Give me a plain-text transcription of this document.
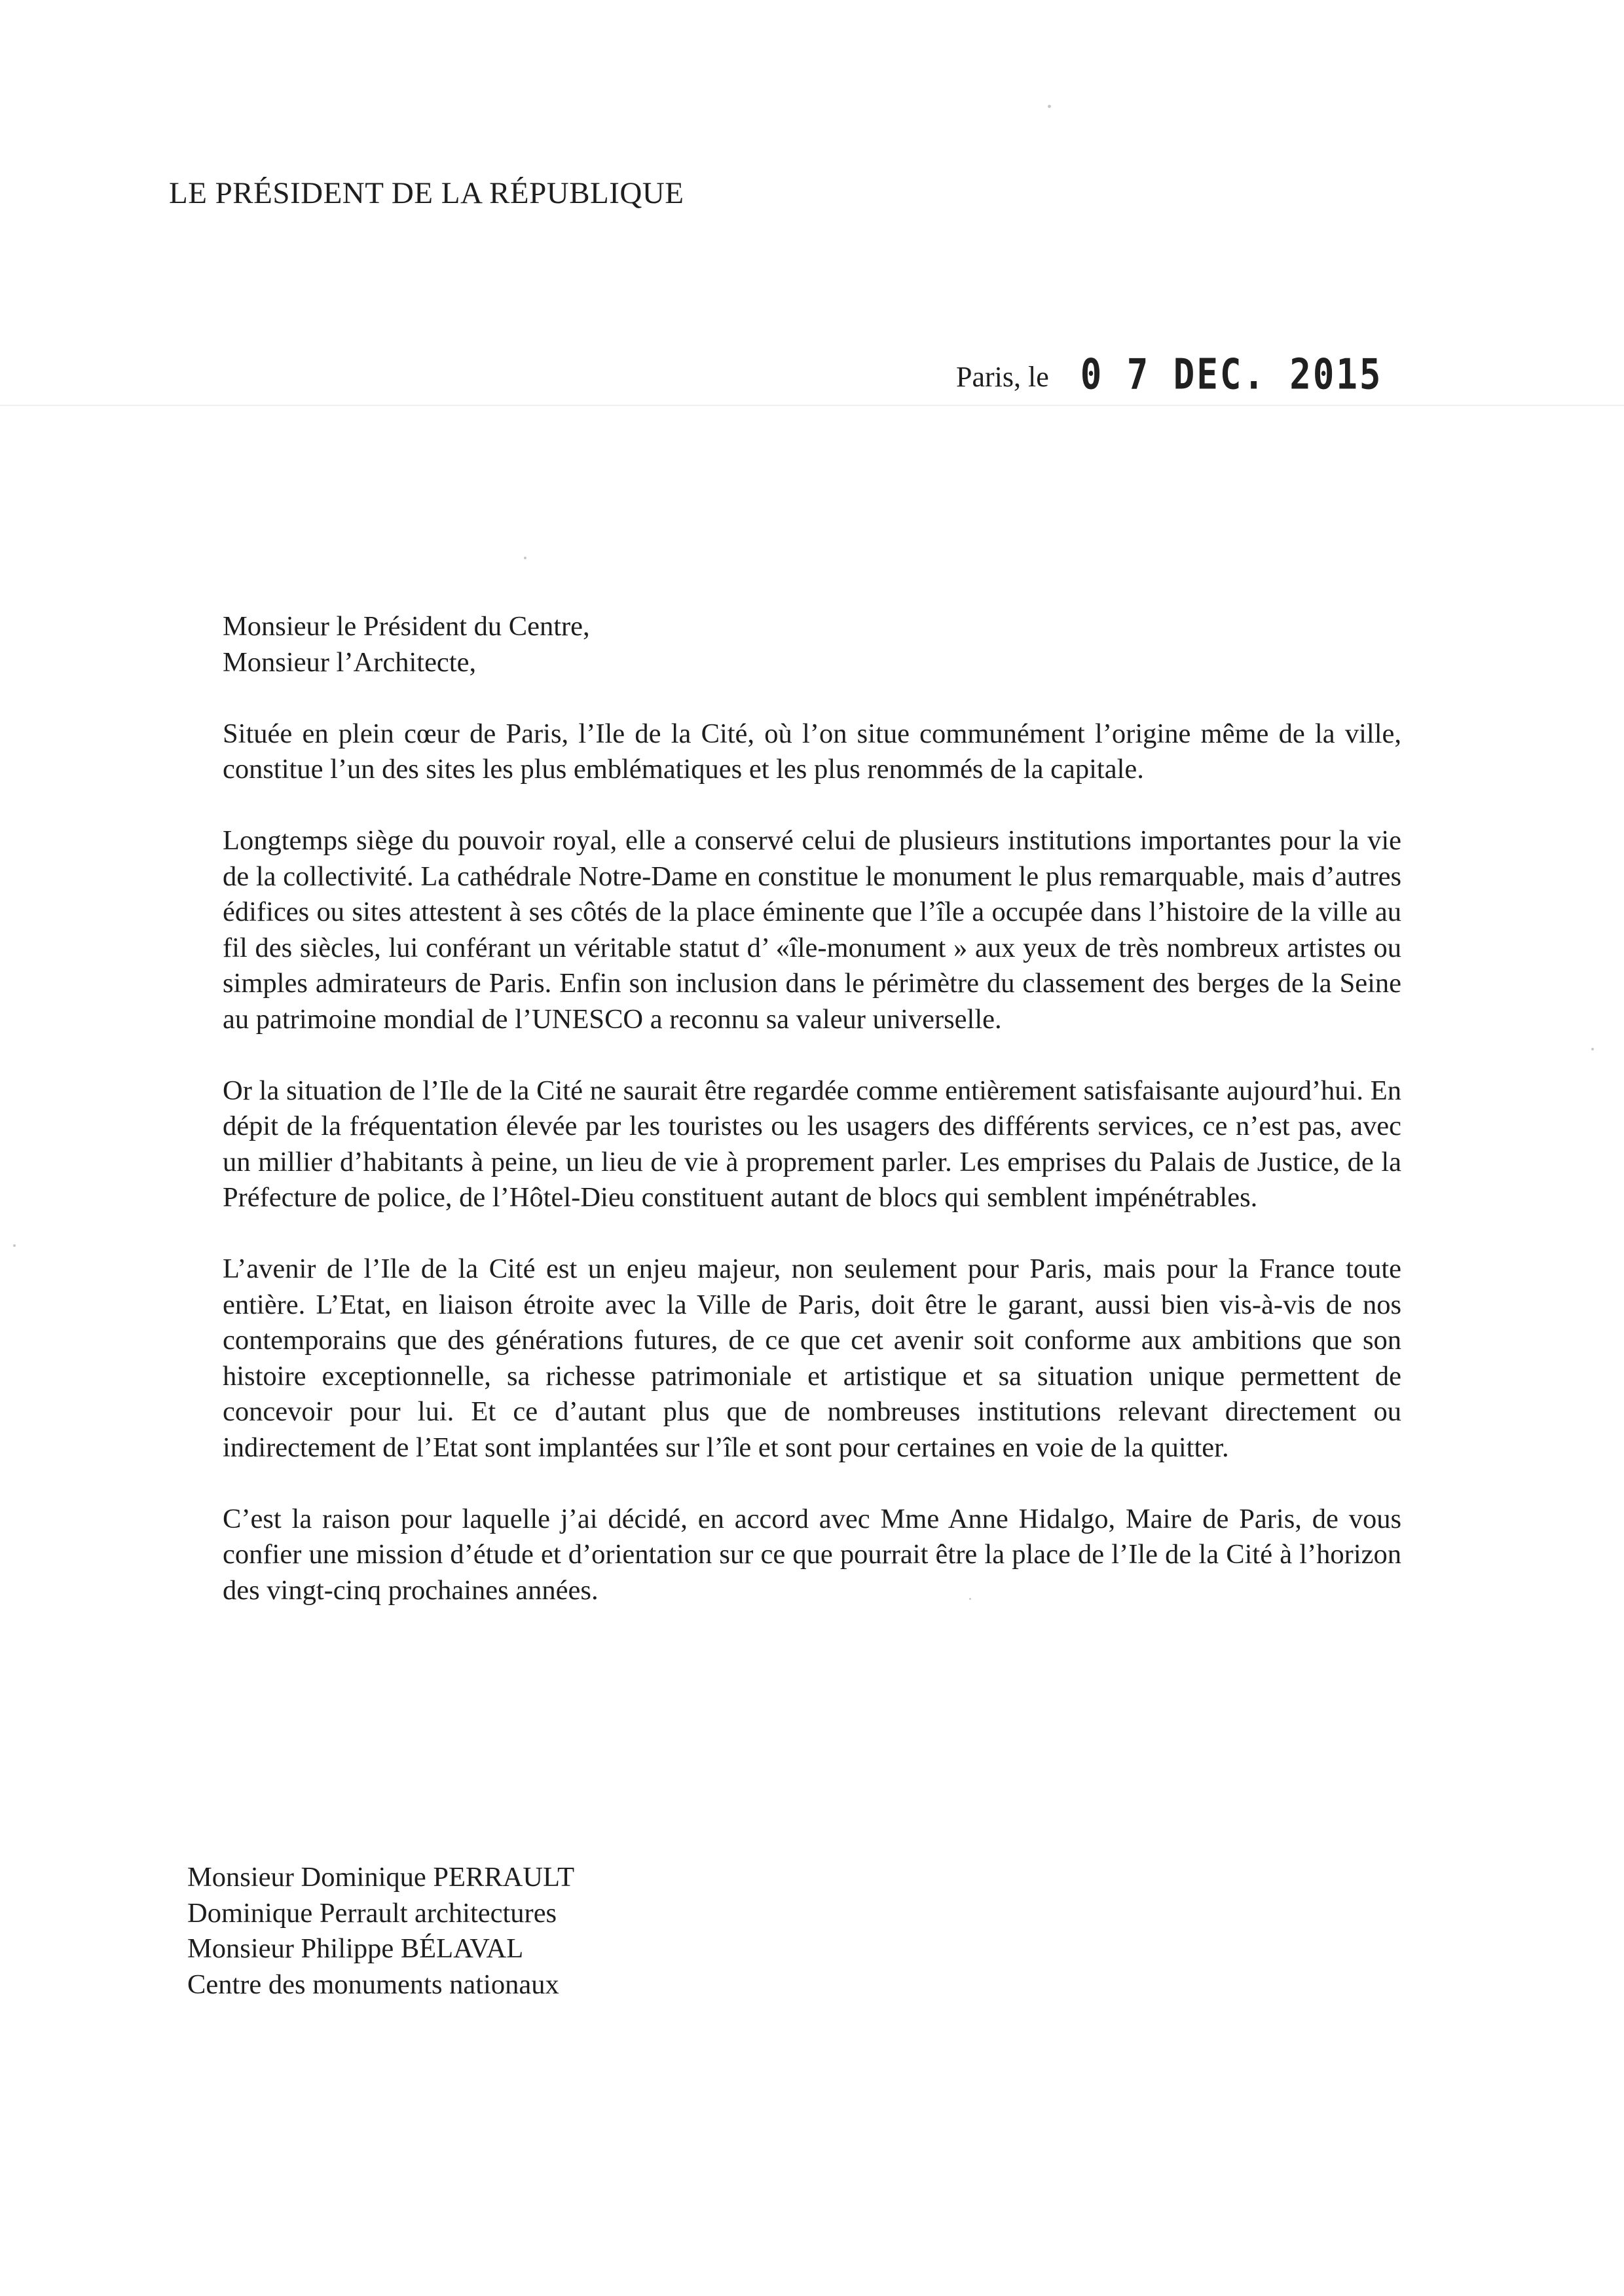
LE PRÉSIDENT DE LA RÉPUBLIQUE
Paris, le 0 7 DEC. 2015

Monsieur le Président du Centre,

Monsieur l’Architecte,

Située en plein cœur de Paris, l’Ile de la Cité, où l’on situe communément l’origine même de la ville, constitue l’un des sites les plus emblématiques et les plus renommés de la capitale.

Longtemps siège du pouvoir royal, elle a conservé celui de plusieurs institutions importantes pour la vie de la collectivité. La cathédrale Notre-Dame en constitue le monument le plus remarquable, mais d’autres édifices ou sites attestent à ses côtés de la place éminente que l’île a occupée dans l’histoire de la ville au fil des siècles, lui conférant un véritable statut d’ «île-monument » aux yeux de très nombreux artistes ou simples admirateurs de Paris. Enfin son inclusion dans le périmètre du classement des berges de la Seine au patrimoine mondial de l’UNESCO a reconnu sa valeur universelle.

Or la situation de l’Ile de la Cité ne saurait être regardée comme entièrement satisfaisante aujourd’hui. En dépit de la fréquentation élevée par les touristes ou les usagers des différents services, ce n’est pas, avec un millier d’habitants à peine, un lieu de vie à proprement parler. Les emprises du Palais de Justice, de la Préfecture de police, de l’Hôtel-Dieu constituent autant de blocs qui semblent impénétrables.

L’avenir de l’Ile de la Cité est un enjeu majeur, non seulement pour Paris, mais pour la France toute entière. L’Etat, en liaison étroite avec la Ville de Paris, doit être le garant, aussi bien vis-à-vis de nos contemporains que des générations futures, de ce que cet avenir soit conforme aux ambitions que son histoire exceptionnelle, sa richesse patrimoniale et artistique et sa situation unique permettent de concevoir pour lui. Et ce d’autant plus que de nombreuses institutions relevant directement ou indirectement de l’Etat sont implantées sur l’île et sont pour certaines en voie de la quitter.

C’est la raison pour laquelle j’ai décidé, en accord avec Mme Anne Hidalgo, Maire de Paris, de vous confier une mission d’étude et d’orientation sur ce que pourrait être la place de l’Ile de la Cité à l’horizon des vingt-cinq prochaines années.

Monsieur Dominique PERRAULT

Dominique Perrault architectures

Monsieur Philippe BÉLAVAL

Centre des monuments nationaux
